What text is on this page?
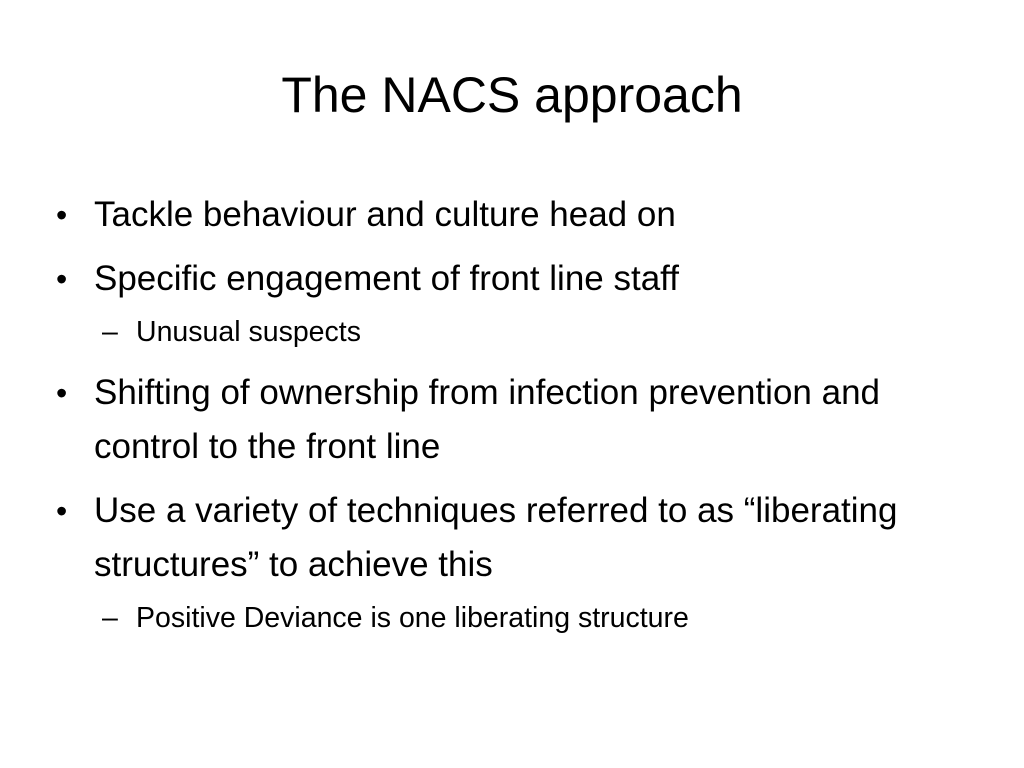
The NACS approach
• Tackle behaviour and culture head on
• Specific engagement of front line staff
– Unusual suspects
• Shifting of ownership from infection prevention and control to the front line
• Use a variety of techniques referred to as “liberating structures” to achieve this
– Positive Deviance is one liberating structure
